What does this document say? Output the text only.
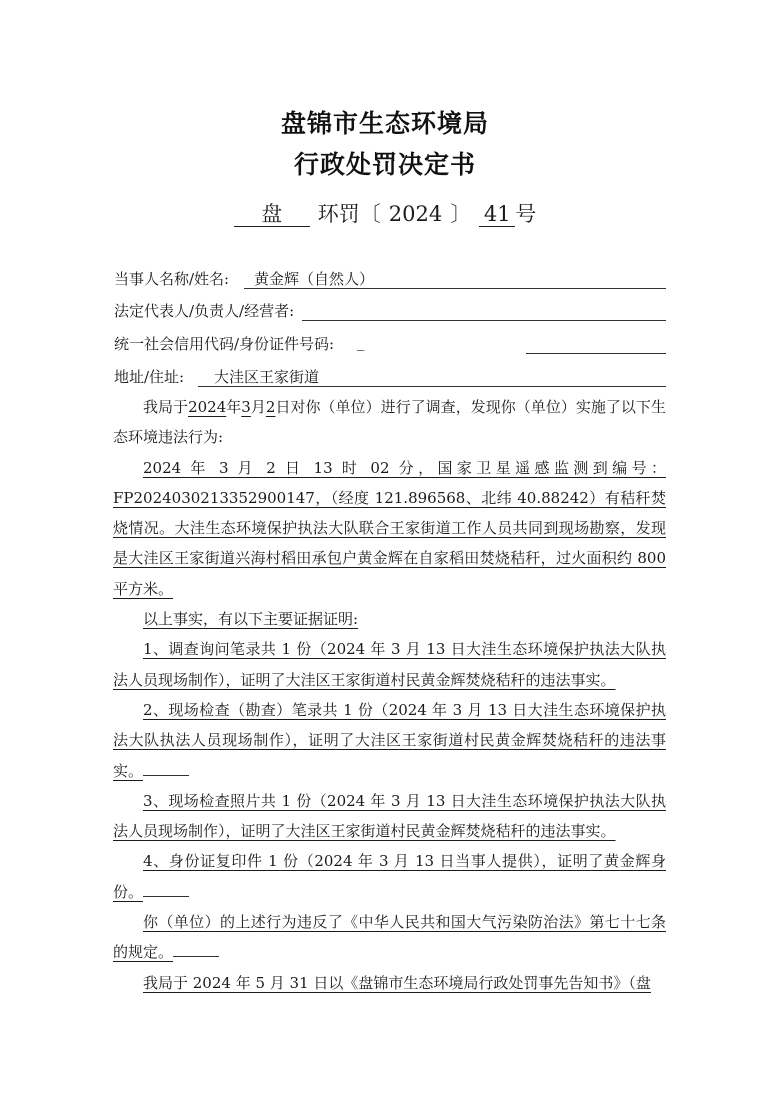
盘锦市生态环境局
行政处罚决定书
盘 环罚〔 2024 〕 41 号
当事人名称/姓名: 黄金辉（自然人）
法定代表人/负责人/经营者:
统一社会信用代码/身份证件号码: _
地址/住址: 大洼区王家街道

我局于2024年3月2日对你（单位）进行了调查，发现你（单位）实施了以下生态环境违法行为:

2024 年 3 月 2 日 13 时 02 分，国家卫星遥感监测到编号：FP2024030213352900147，（经度 121.896568、北纬 40.88242）有秸秆焚烧情况。大洼生态环境保护执法大队联合王家街道工作人员共同到现场勘察，发现是大洼区王家街道兴海村稻田承包户黄金辉在自家稻田焚烧秸秆，过火面积约 800 平方米。

以上事实，有以下主要证据证明:

1、调查询问笔录共 1 份（2024 年 3 月 13 日大洼生态环境保护执法大队执法人员现场制作），证明了大洼区王家街道村民黄金辉焚烧秸秆的违法事实。

2、现场检查（勘查）笔录共 1 份（2024 年 3 月 13 日大洼生态环境保护执法大队执法人员现场制作），证明了大洼区王家街道村民黄金辉焚烧秸秆的违法事实。

3、现场检查照片共 1 份（2024 年 3 月 13 日大洼生态环境保护执法大队执法人员现场制作），证明了大洼区王家街道村民黄金辉焚烧秸秆的违法事实。

4、身份证复印件 1 份（2024 年 3 月 13 日当事人提供），证明了黄金辉身份。

你（单位）的上述行为违反了《中华人民共和国大气污染防治法》第七十七条的规定。

我局于 2024 年 5 月 31 日以《盘锦市生态环境局行政处罚事先告知书》（盘
